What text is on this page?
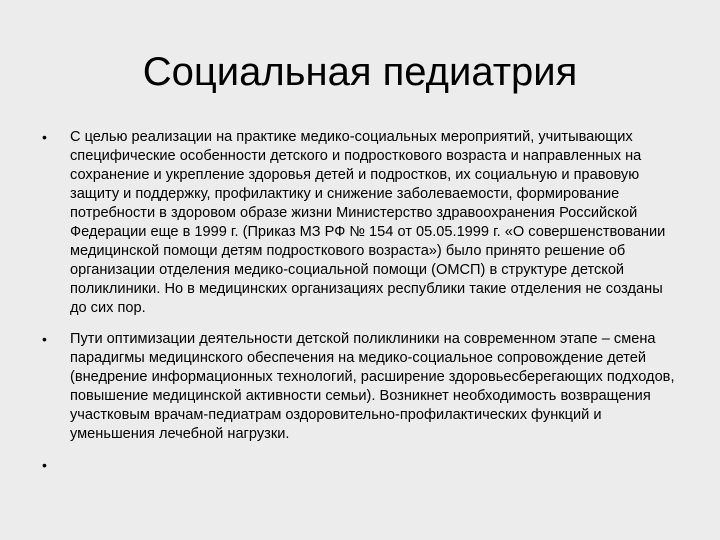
Социальная педиатрия
•	С целью реализации на практике медико-социальных мероприятий, учитывающих специфические особенности детского и подросткового возраста и направленных на сохранение и укрепление здоровья детей и подростков, их социальную и правовую защиту и поддержку, профилактику и снижение заболеваемости, формирование потребности в здоровом образе жизни Министерство здравоохранения Российской Федерации еще в 1999 г. (Приказ МЗ РФ № 154 от 05.05.1999 г. «О совершенствовании медицинской помощи детям подросткового возраста») было принято решение об организации отделения медико-социальной помощи (ОМСП) в структуре детской поликлиники. Но в медицинских организациях республики такие отделения не созданы до сих пор.
•	Пути оптимизации деятельности детской поликлиники на современном этапе – смена парадигмы медицинского обеспечения на медико-социальное сопровождение детей (внедрение информационных технологий, расширение здоровьесберегающих подходов, повышение медицинской активности семьи). Возникнет необходимость возвращения участковым врачам-педиатрам оздоровительно-профилактических функций и уменьшения лечебной нагрузки.
•
